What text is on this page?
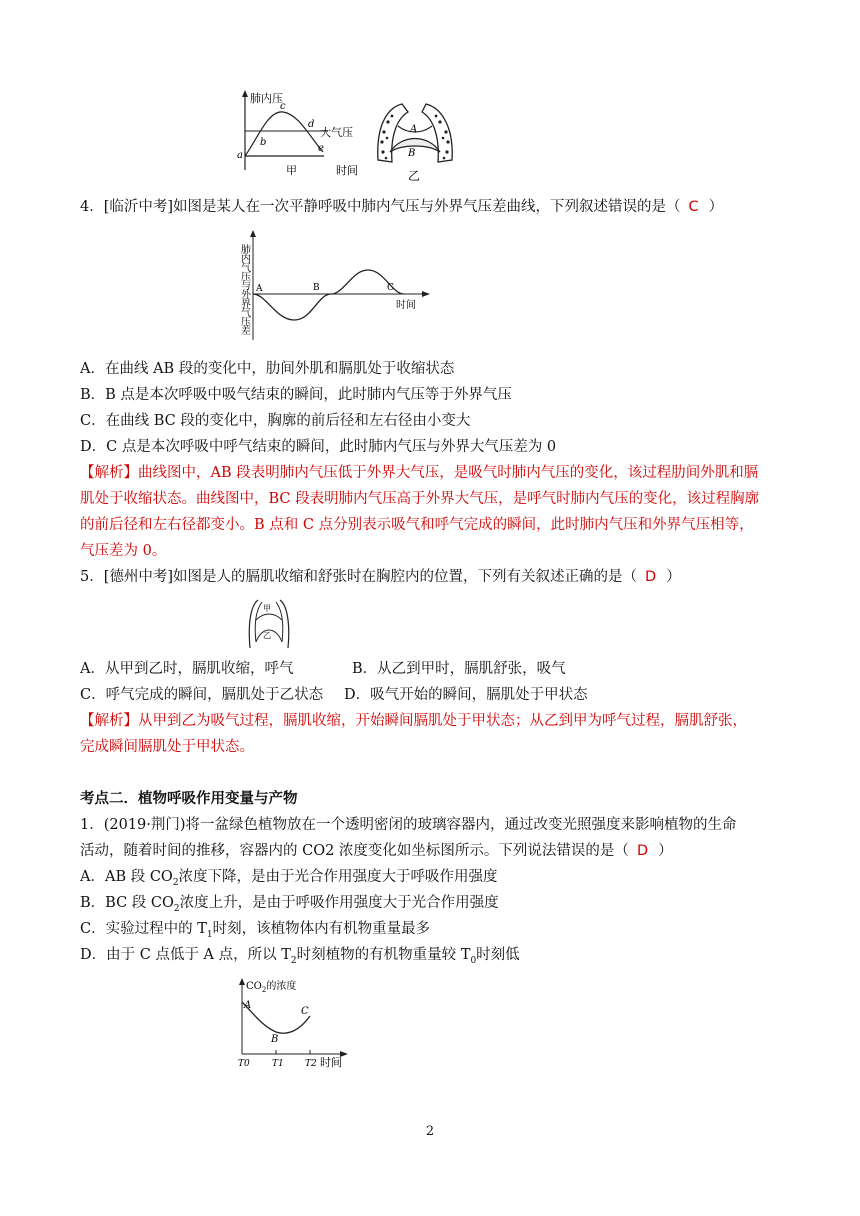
肺内压
大气压
a
b
c
d
e
甲	时间
A
B
乙
4．[临沂中考]如图是某人在一次平静呼吸中肺内气压与外界气压差曲线，下列叙述错误的是（ C ）
肺内气压与外界气压差 A	B	C
时间
A．在曲线 AB 段的变化中，肋间外肌和膈肌处于收缩状态
B．B 点是本次呼吸中吸气结束的瞬间，此时肺内气压等于外界气压
C．在曲线 BC 段的变化中，胸廓的前后径和左右径由小变大
D．C 点是本次呼吸中呼气结束的瞬间，此时肺内气压与外界大气压差为 0
【解析】曲线图中，AB 段表明肺内气压低于外界大气压，是吸气时肺内气压的变化，该过程肋间外肌和膈
肌处于收缩状态。曲线图中，BC 段表明肺内气压高于外界大气压，是呼气时肺内气压的变化，该过程胸廓
的前后径和左右径都变小。B 点和 C 点分别表示吸气和呼气完成的瞬间，此时肺内气压和外界气压相等，
气压差为 0。
5．[德州中考]如图是人的膈肌收缩和舒张时在胸腔内的位置，下列有关叙述正确的是（ D ）
甲
乙
A．从甲到乙时，膈肌收缩，呼气	B．从乙到甲时，膈肌舒张，吸气
C．呼气完成的瞬间，膈肌处于乙状态 D．吸气开始的瞬间，膈肌处于甲状态
【解析】从甲到乙为吸气过程，膈肌收缩，开始瞬间膈肌处于甲状态；从乙到甲为呼气过程，膈肌舒张，
完成瞬间膈肌处于甲状态。
考点二．植物呼吸作用变量与产物
1．(2019·荆门)将一盆绿色植物放在一个透明密闭的玻璃容器内，通过改变光照强度来影响植物的生命
活动，随着时间的推移，容器内的 CO2 浓度变化如坐标图所示。下列说法错误的是（ D ）
A．AB 段 $CO_2$浓度下降，是由于光合作用强度大于呼吸作用强度
B．BC 段 $CO_2$浓度上升，是由于呼吸作用强度大于光合作用强度
C．实验过程中的 $T_1$时刻，该植物体内有机物重量最多
D．由于 C 点低于 A 点，所以 $T_2$时刻植物的有机物重量较 $T_0$时刻低
$CO_2$的浓度
A
B
C
T0 T1 T2 时间
2
